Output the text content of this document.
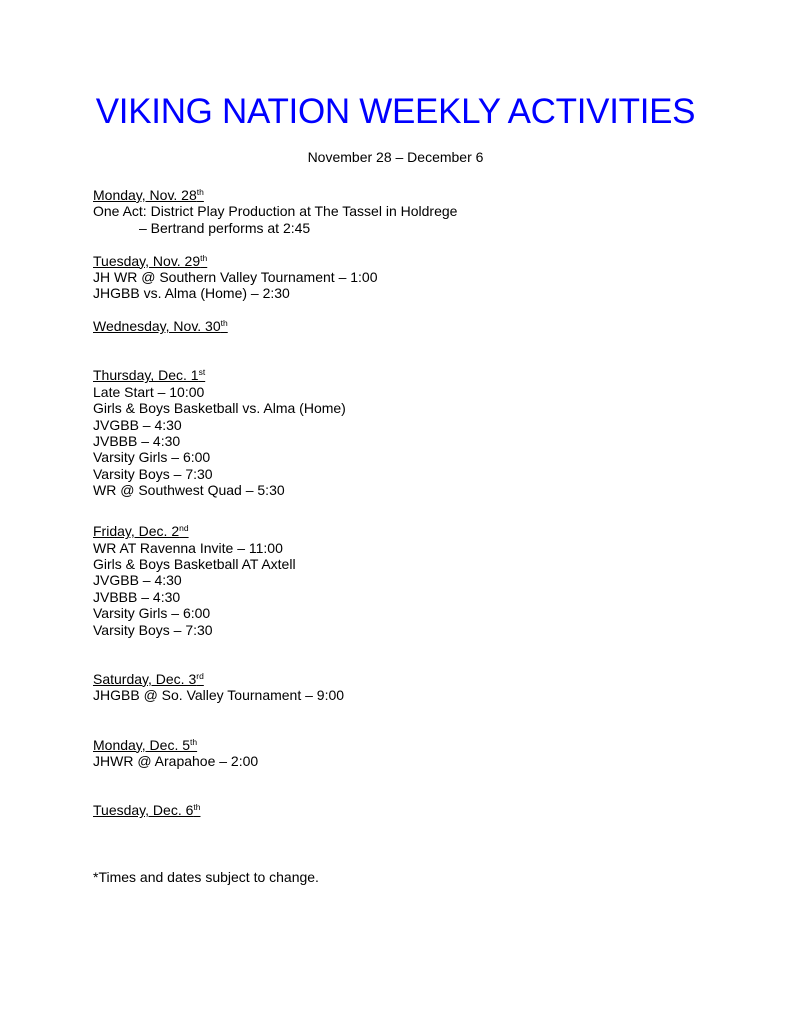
VIKING NATION WEEKLY ACTIVITIES
November 28 – December 6
Monday, Nov. 28th
One Act: District Play Production at The Tassel in Holdrege
– Bertrand performs at 2:45
Tuesday, Nov. 29th
JH WR @ Southern Valley Tournament – 1:00
JHGBB vs. Alma (Home) – 2:30
Wednesday, Nov. 30th
Thursday, Dec. 1st
Late Start – 10:00
Girls & Boys Basketball vs. Alma (Home)
JVGBB – 4:30
JVBBB – 4:30
Varsity Girls – 6:00
Varsity Boys – 7:30
WR @ Southwest Quad – 5:30
Friday, Dec. 2nd
WR AT Ravenna Invite – 11:00
Girls & Boys Basketball AT Axtell
JVGBB – 4:30
JVBBB – 4:30
Varsity Girls – 6:00
Varsity Boys – 7:30
Saturday, Dec. 3rd
JHGBB @ So. Valley Tournament – 9:00
Monday, Dec. 5th
JHWR @ Arapahoe – 2:00
Tuesday, Dec. 6th
*Times and dates subject to change.
